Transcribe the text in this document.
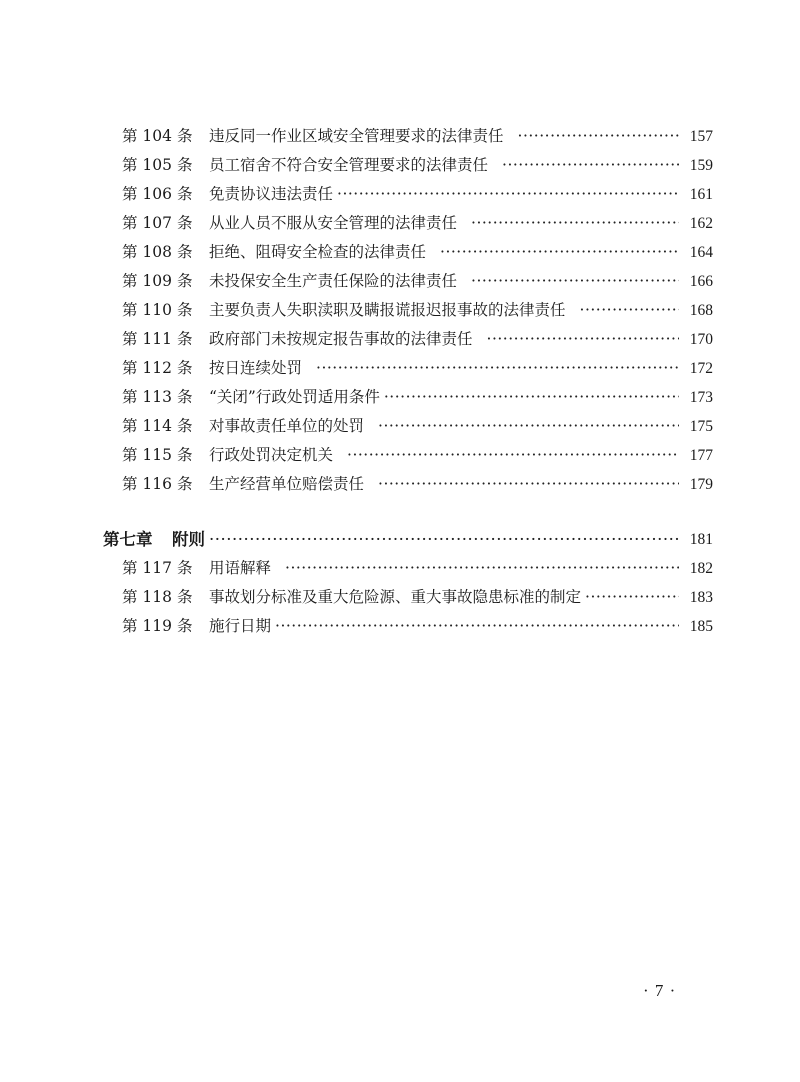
第 104 条	违反同一作业区域安全管理要求的法律责任 ·····	157
第 105 条	员工宿舍不符合安全管理要求的法律责任 ·····	159
第 106 条	免责协议违法责任 ·····	161
第 107 条	从业人员不服从安全管理的法律责任 ·····	162
第 108 条	拒绝、阻碍安全检查的法律责任 ·····	164
第 109 条	未投保安全生产责任保险的法律责任 ·····	166
第 110 条	主要负责人失职渎职及瞒报谎报迟报事故的法律责任 ·····	168
第 111 条	政府部门未按规定报告事故的法律责任 ·····	170
第 112 条	按日连续处罚 ·····	172
第 113 条	“关闭”行政处罚适用条件 ·····	173
第 114 条	对事故责任单位的处罚 ·····	175
第 115 条	行政处罚决定机关 ·····	177
第 116 条	生产经营单位赔偿责任 ·····	179
第七章	附则 ·····	181
第 117 条	用语解释 ·····	182
第 118 条	事故划分标准及重大危险源、重大事故隐患标准的制定 ·····	183
第 119 条	施行日期 ·····	185
· 7 ·
